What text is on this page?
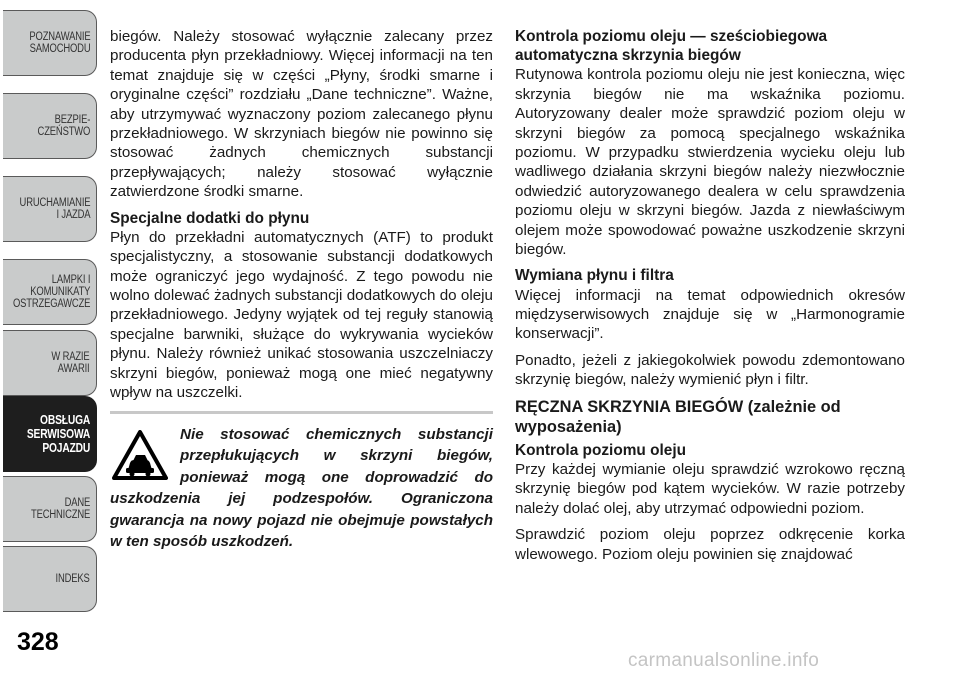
POZNAWANIE
SAMOCHODU
BEZPIE-
CZEŃSTWO
URUCHAMIANIE
I JAZDA
LAMPKI I
KOMUNIKATY
OSTRZEGAWCZE
W RAZIE
AWARII
OBSŁUGA
SERWISOWA
POJAZDU
DANE
TECHNICZNE
INDEKS
328

biegów. Należy stosować wyłącznie zalecany przez producenta płyn przekładniowy. Więcej informacji na ten temat znajduje się w części „Płyny, środki smarne i oryginalne części” rozdziału „Dane techniczne”. Ważne, aby utrzymywać wyznaczony poziom zalecanego płynu przekładniowego. W skrzyniach biegów nie powinno się stosować żadnych chemicznych substancji przepływających; należy stosować wyłącznie zatwierdzone środki smarne.

Specjalne dodatki do płynu

Płyn do przekładni automatycznych (ATF) to produkt specjalistyczny, a stosowanie substancji dodatkowych może ograniczyć jego wydajność. Z tego powodu nie wolno dolewać żadnych substancji dodatkowych do oleju przekładniowego. Jedyny wyjątek od tej reguły stanowią specjalne barwniki, służące do wykrywania wycieków płynu. Należy również unikać stosowania uszczelniaczy skrzyni biegów, ponieważ mogą one mieć negatywny wpływ na uszczelki.

Nie stosować chemicznych substancji przepłukujących w skrzyni biegów, ponieważ mogą one doprowadzić do uszkodzenia jej podzespołów. Ograniczona gwarancja na nowy pojazd nie obejmuje powstałych w ten sposób uszkodzeń.
Kontrola poziomu oleju — sześciobiegowa automatyczna skrzynia biegów

Rutynowa kontrola poziomu oleju nie jest konieczna, więc skrzynia biegów nie ma wskaźnika poziomu. Autoryzowany dealer może sprawdzić poziom oleju w skrzyni biegów za pomocą specjalnego wskaźnika poziomu. W przypadku stwierdzenia wycieku oleju lub wadliwego działania skrzyni biegów należy niezwłocznie odwiedzić autoryzowanego dealera w celu sprawdzenia poziomu oleju w skrzyni biegów. Jazda z niewłaściwym olejem może spowodować poważne uszkodzenie skrzyni biegów.

Wymiana płynu i filtra

Więcej informacji na temat odpowiednich okresów międzyserwisowych znajduje się w „Harmonogramie konserwacji”.

Ponadto, jeżeli z jakiegokolwiek powodu zdemontowano skrzynię biegów, należy wymienić płyn i filtr.

RĘCZNA SKRZYNIA BIEGÓW (zależnie od wyposażenia)
Kontrola poziomu oleju

Przy każdej wymianie oleju sprawdzić wzrokowo ręczną skrzynię biegów pod kątem wycieków. W razie potrzeby należy dolać olej, aby utrzymać odpowiedni poziom.

Sprawdzić poziom oleju poprzez odkręcenie korka wlewowego. Poziom oleju powinien się znajdować

carmanualsonline.info
